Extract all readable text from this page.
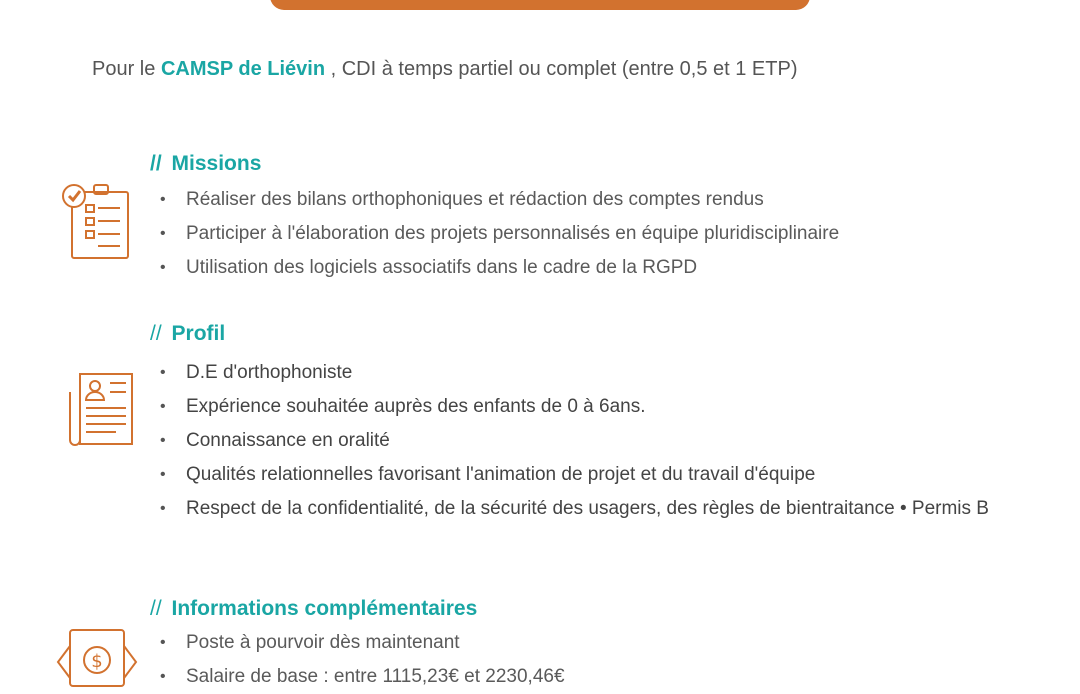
Pour le CAMSP de Liévin , CDI à temps partiel ou complet (entre 0,5 et 1 ETP)
// Missions
• Réaliser des bilans orthophoniques et rédaction des comptes rendus
• Participer à l'élaboration des projets personnalisés en équipe pluridisciplinaire
• Utilisation des logiciels associatifs dans le cadre de la RGPD
// Profil
• D.E d'orthophoniste
• Expérience souhaitée auprès des enfants de 0 à 6ans.
• Connaissance en oralité
• Qualités relationnelles favorisant l'animation de projet et du travail d'équipe
• Respect de la confidentialité, de la sécurité des usagers, des règles de bientraitance • Permis B
// Informations complémentaires
$
• Poste à pourvoir dès maintenant
• Salaire de base : entre 1115,23€ et 2230,46€
